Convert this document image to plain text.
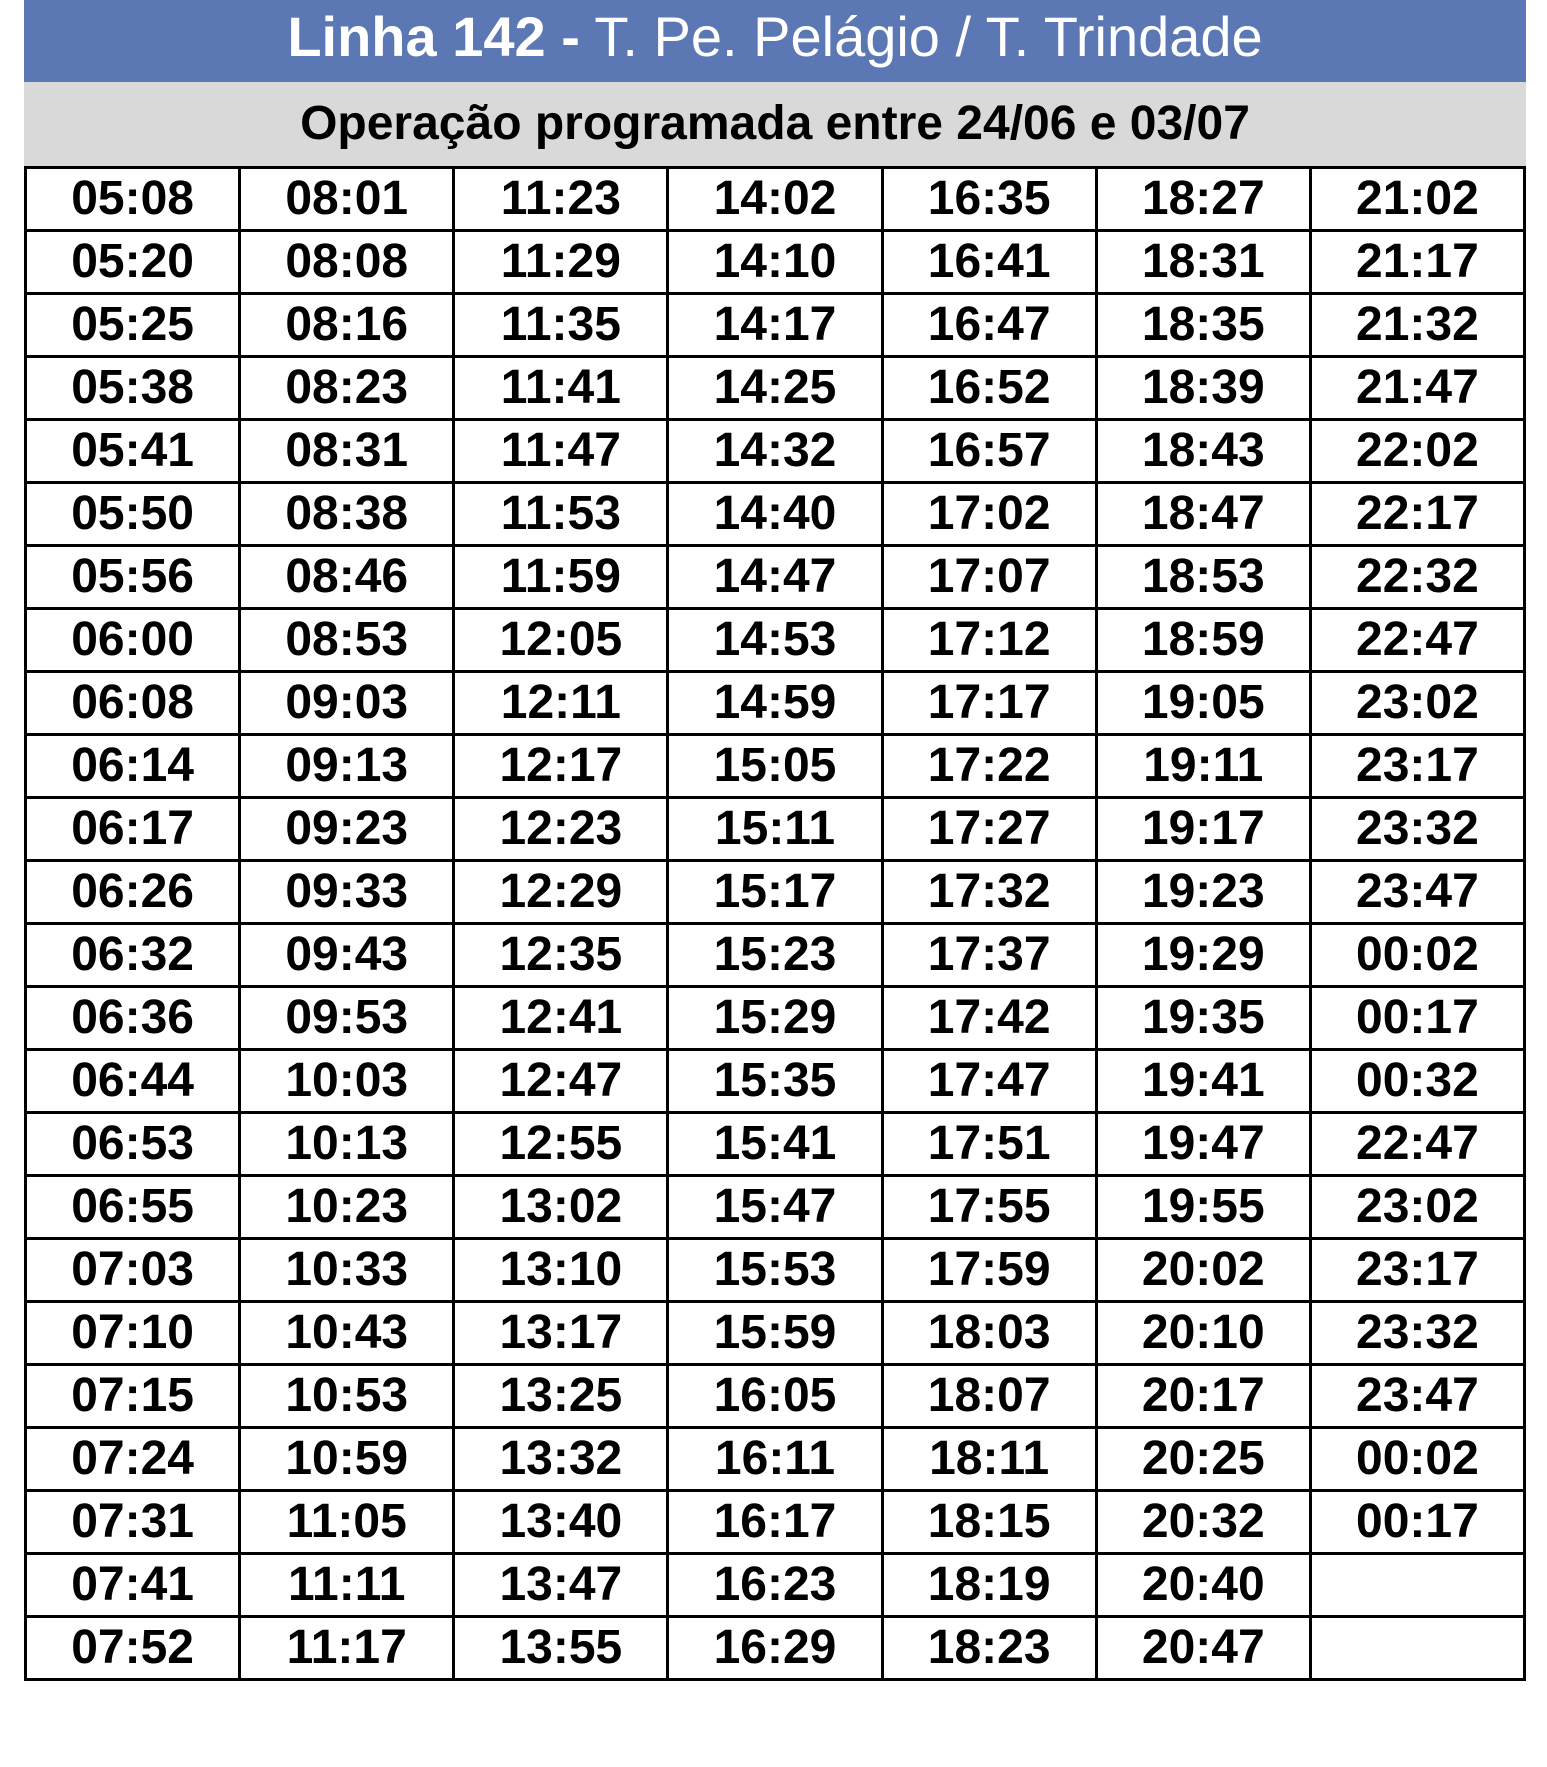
Linha 142 - T. Pe. Pelágio / T. Trindade
Operação programada entre 24/06 e 03/07
05:08	08:01	11:23	14:02	16:35	18:27	21:02
05:20	08:08	11:29	14:10	16:41	18:31	21:17
05:25	08:16	11:35	14:17	16:47	18:35	21:32
05:38	08:23	11:41	14:25	16:52	18:39	21:47
05:41	08:31	11:47	14:32	16:57	18:43	22:02
05:50	08:38	11:53	14:40	17:02	18:47	22:17
05:56	08:46	11:59	14:47	17:07	18:53	22:32
06:00	08:53	12:05	14:53	17:12	18:59	22:47
06:08	09:03	12:11	14:59	17:17	19:05	23:02
06:14	09:13	12:17	15:05	17:22	19:11	23:17
06:17	09:23	12:23	15:11	17:27	19:17	23:32
06:26	09:33	12:29	15:17	17:32	19:23	23:47
06:32	09:43	12:35	15:23	17:37	19:29	00:02
06:36	09:53	12:41	15:29	17:42	19:35	00:17
06:44	10:03	12:47	15:35	17:47	19:41	00:32
06:53	10:13	12:55	15:41	17:51	19:47	22:47
06:55	10:23	13:02	15:47	17:55	19:55	23:02
07:03	10:33	13:10	15:53	17:59	20:02	23:17
07:10	10:43	13:17	15:59	18:03	20:10	23:32
07:15	10:53	13:25	16:05	18:07	20:17	23:47
07:24	10:59	13:32	16:11	18:11	20:25	00:02
07:31	11:05	13:40	16:17	18:15	20:32	00:17
07:41	11:11	13:47	16:23	18:19	20:40	
07:52	11:17	13:55	16:29	18:23	20:47	
